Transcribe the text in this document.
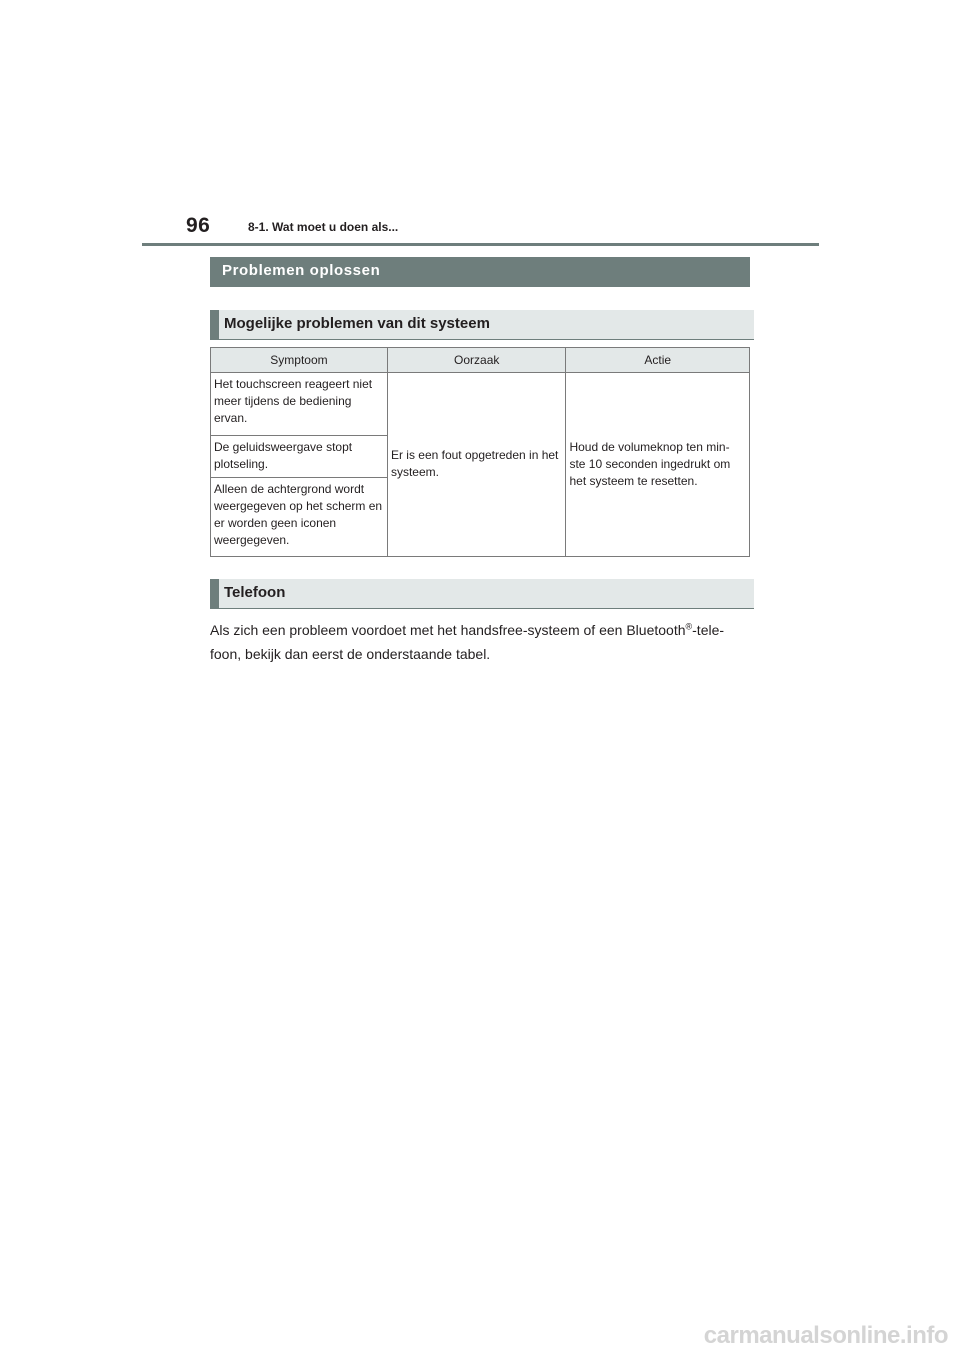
96	8-1. Wat moet u doen als...
Problemen oplossen
Mogelijke problemen van dit systeem
Symptoom	Oorzaak	Actie
Het touchscreen reageert niet meer tijdens de bediening ervan.	Er is een fout opgetreden in het systeem.	Houd de volumeknop ten min-ste 10 seconden ingedrukt om het systeem te resetten.
De geluidsweergave stopt plotseling.		
Alleen de achtergrond wordt weergegeven op het scherm en er worden geen iconen weergegeven.		
Telefoon

Als zich een probleem voordoet met het handsfree-systeem of een Bluetooth®-tele-foon, bekijk dan eerst de onderstaande tabel.

carmanualsonline.info
